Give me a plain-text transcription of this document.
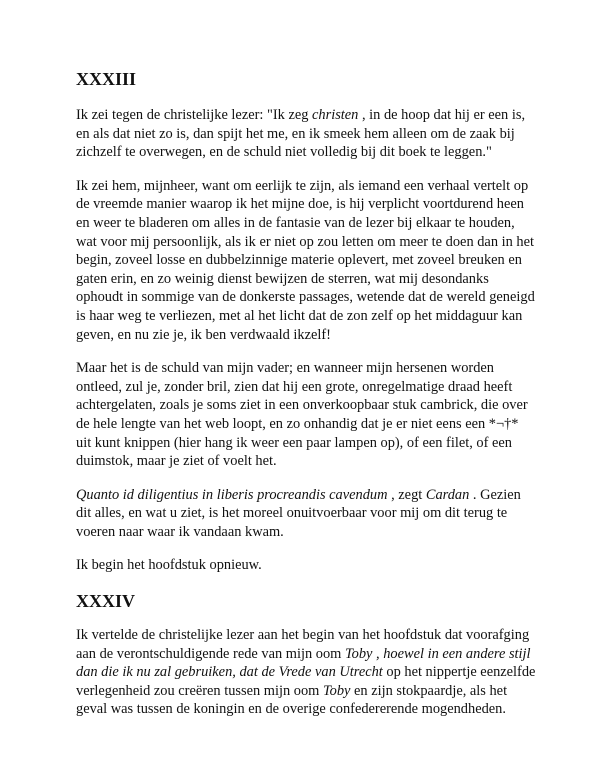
XXXIII

Ik zei tegen de christelijke lezer: "Ik zeg christen , in de hoop dat hij er een is, en als dat niet zo is, dan spijt het me, en ik smeek hem alleen om de zaak bij zichzelf te overwegen, en de schuld niet volledig bij dit boek te leggen."

Ik zei hem, mijnheer, want om eerlijk te zijn, als iemand een verhaal vertelt op de vreemde manier waarop ik het mijne doe, is hij verplicht voortdurend heen en weer te bladeren om alles in de fantasie van de lezer bij elkaar te houden, wat voor mij persoonlijk, als ik er niet op zou letten om meer te doen dan in het begin, zoveel losse en dubbelzinnige materie oplevert, met zoveel breuken en gaten erin, en zo weinig dienst bewijzen de sterren, wat mij desondanks ophoudt in sommige van de donkerste passages, wetende dat de wereld geneigd is haar weg te verliezen, met al het licht dat de zon zelf op het middaguur kan geven, en nu zie je, ik ben verdwaald ikzelf!

Maar het is de schuld van mijn vader; en wanneer mijn hersenen worden ontleed, zul je, zonder bril, zien dat hij een grote, onregelmatige draad heeft achtergelaten, zoals je soms ziet in een onverkoopbaar stuk cambrick, die over de hele lengte van het web loopt, en zo onhandig dat je er niet eens een *¬†* uit kunt knippen (hier hang ik weer een paar lampen op), of een filet, of een duimstok, maar je ziet of voelt het.

Quanto id diligentius in liberis procreandis cavendum , zegt Cardan . Gezien dit alles, en wat u ziet, is het moreel onuitvoerbaar voor mij om dit terug te voeren naar waar ik vandaan kwam.

Ik begin het hoofdstuk opnieuw.

XXXIV

Ik vertelde de christelijke lezer aan het begin van het hoofdstuk dat voorafging aan de verontschuldigende rede van mijn oom Toby , hoewel in een andere stijl dan die ik nu zal gebruiken, dat de Vrede van Utrecht op het nippertje eenzelfde verlegenheid zou creëren tussen mijn oom Toby en zijn stokpaardje, als het geval was tussen de koningin en de overige confedererende mogendheden.
